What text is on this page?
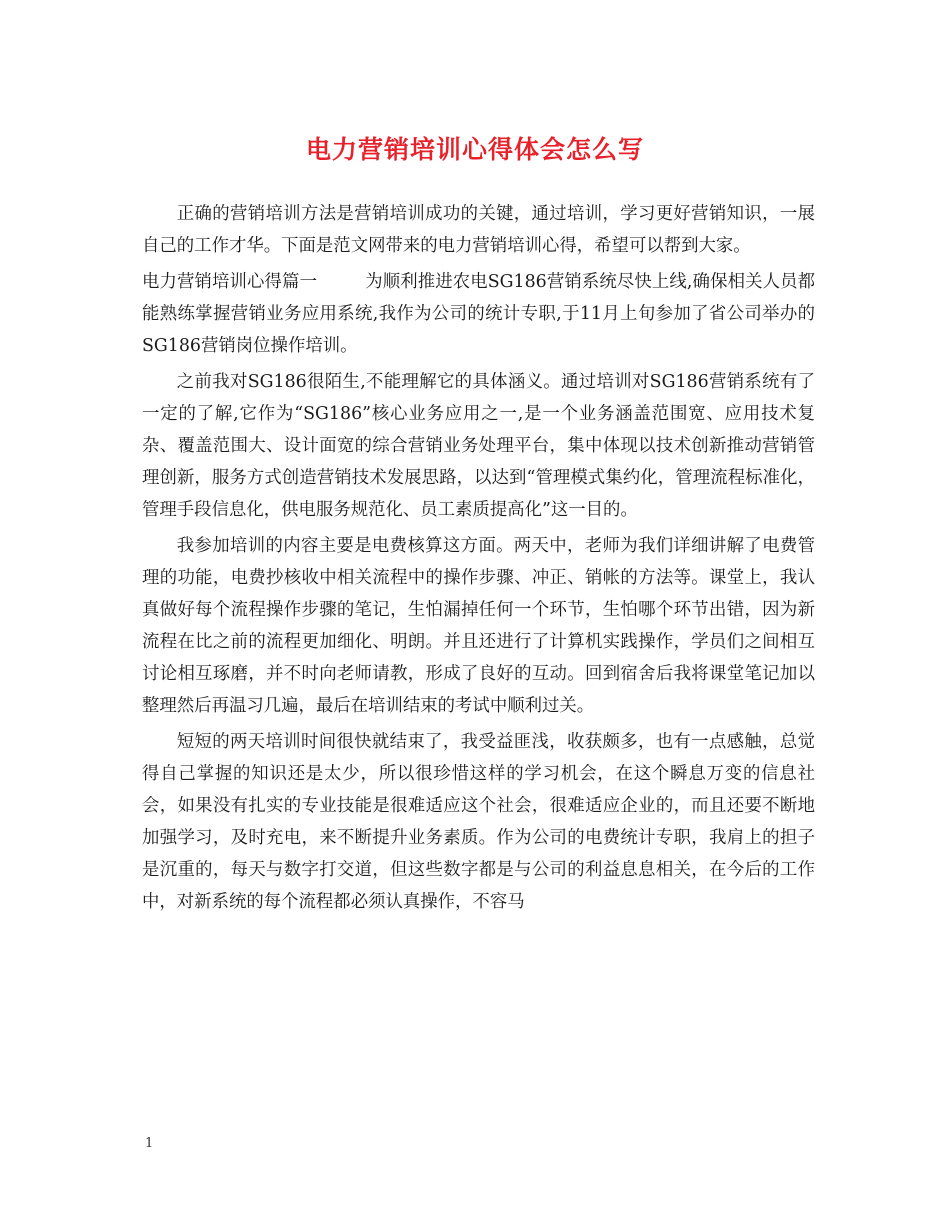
电力营销培训心得体会怎么写

正确的营销培训方法是营销培训成功的关键，通过培训，学习更好营销知识，一展自己的工作才华。下面是范文网带来的电力营销培训心得，希望可以帮到大家。

电力营销培训心得篇一	为顺利推进农电SG186营销系统尽快上线,确保相关人员都能熟练掌握营销业务应用系统,我作为公司的统计专职,于11月上旬参加了省公司举办的SG186营销岗位操作培训。

之前我对SG186很陌生,不能理解它的具体涵义。通过培训对SG186营销系统有了一定的了解,它作为“SG186”核心业务应用之一,是一个业务涵盖范围宽、应用技术复杂、覆盖范围大、设计面宽的综合营销业务处理平台，集中体现以技术创新推动营销管理创新，服务方式创造营销技术发展思路，以达到“管理模式集约化，管理流程标准化，管理手段信息化，供电服务规范化、员工素质提高化”这一目的。

我参加培训的内容主要是电费核算这方面。两天中，老师为我们详细讲解了电费管理的功能，电费抄核收中相关流程中的操作步骤、冲正、销帐的方法等。课堂上，我认真做好每个流程操作步骤的笔记，生怕漏掉任何一个环节，生怕哪个环节出错，因为新流程在比之前的流程更加细化、明朗。并且还进行了计算机实践操作，学员们之间相互讨论相互琢磨，并不时向老师请教，形成了良好的互动。回到宿舍后我将课堂笔记加以整理然后再温习几遍，最后在培训结束的考试中顺利过关。

短短的两天培训时间很快就结束了，我受益匪浅，收获颇多，也有一点感触，总觉得自己掌握的知识还是太少，所以很珍惜这样的学习机会，在这个瞬息万变的信息社会，如果没有扎实的专业技能是很难适应这个社会，很难适应企业的，而且还要不断地加强学习，及时充电，来不断提升业务素质。作为公司的电费统计专职，我肩上的担子是沉重的，每天与数字打交道，但这些数字都是与公司的利益息息相关，在今后的工作中，对新系统的每个流程都必须认真操作，不容马

1
